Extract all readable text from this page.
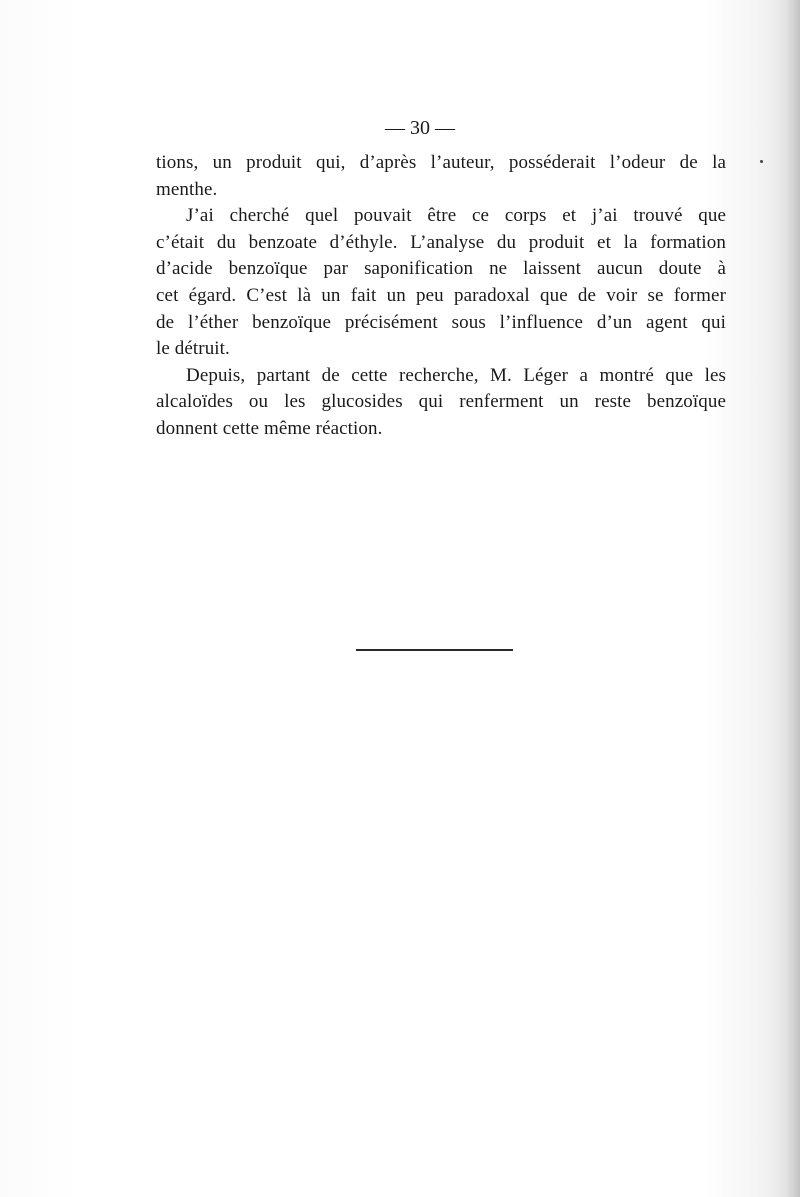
— 30 —
tions, un produit qui, d’après l’auteur, posséderait l’odeur de la
menthe.
J’ai cherché quel pouvait être ce corps et j’ai trouvé que
c’était du benzoate d’éthyle. L’analyse du produit et la formation
d’acide benzoïque par saponification ne laissent aucun doute à
cet égard. C’est là un fait un peu paradoxal que de voir se former
de l’éther benzoïque précisément sous l’influence d’un agent qui
le détruit.
Depuis, partant de cette recherche, M. Léger a montré que les
alcaloïdes ou les glucosides qui renferment un reste benzoïque
donnent cette même réaction.
